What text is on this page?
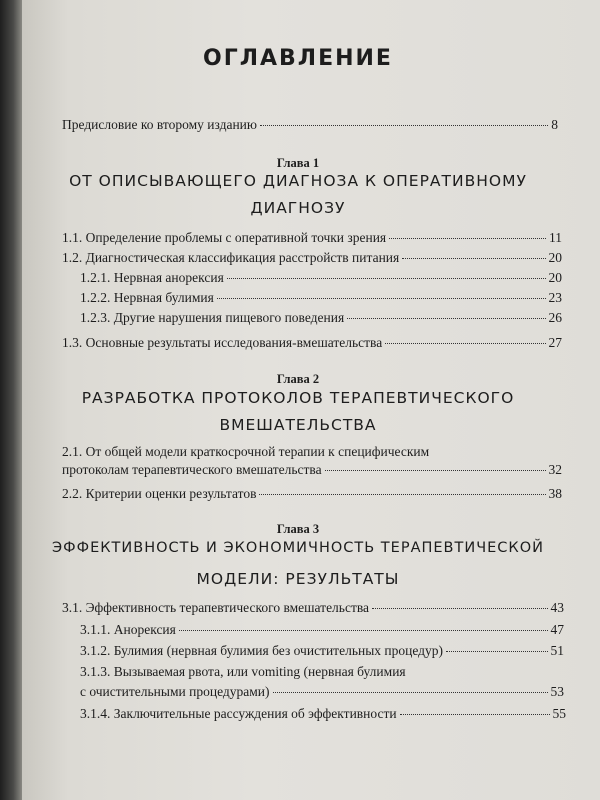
ОГЛАВЛЕНИЕ
Предисловие ко второму изданию	8
Глава 1
ОТ ОПИСЫВАЮЩЕГО ДИАГНОЗА К ОПЕРАТИВНОМУ
ДИАГНОЗУ
1.1. Определение проблемы с оперативной точки зрения	11
1.2. Диагностическая классификация расстройств питания	20
1.2.1. Нервная анорексия	20
1.2.2. Нервная булимия	23
1.2.3. Другие нарушения пищевого поведения	26
1.3. Основные результаты исследования-вмешательства	27
Глава 2
РАЗРАБОТКА ПРОТОКОЛОВ ТЕРАПЕВТИЧЕСКОГО
ВМЕШАТЕЛЬСТВА
2.1. От общей модели краткосрочной терапии к специфическим
протоколам терапевтического вмешательства	32
2.2. Критерии оценки результатов	38
Глава 3
ЭФФЕКТИВНОСТЬ И ЭКОНОМИЧНОСТЬ ТЕРАПЕВТИЧЕСКОЙ
МОДЕЛИ: РЕЗУЛЬТАТЫ
3.1. Эффективность терапевтического вмешательства	43
3.1.1. Анорексия	47
3.1.2. Булимия (нервная булимия без очистительных процедур)	51
3.1.3. Вызываемая рвота, или vomiting (нервная булимия
с очистительными процедурами)	53
3.1.4. Заключительные рассуждения об эффективности	55
